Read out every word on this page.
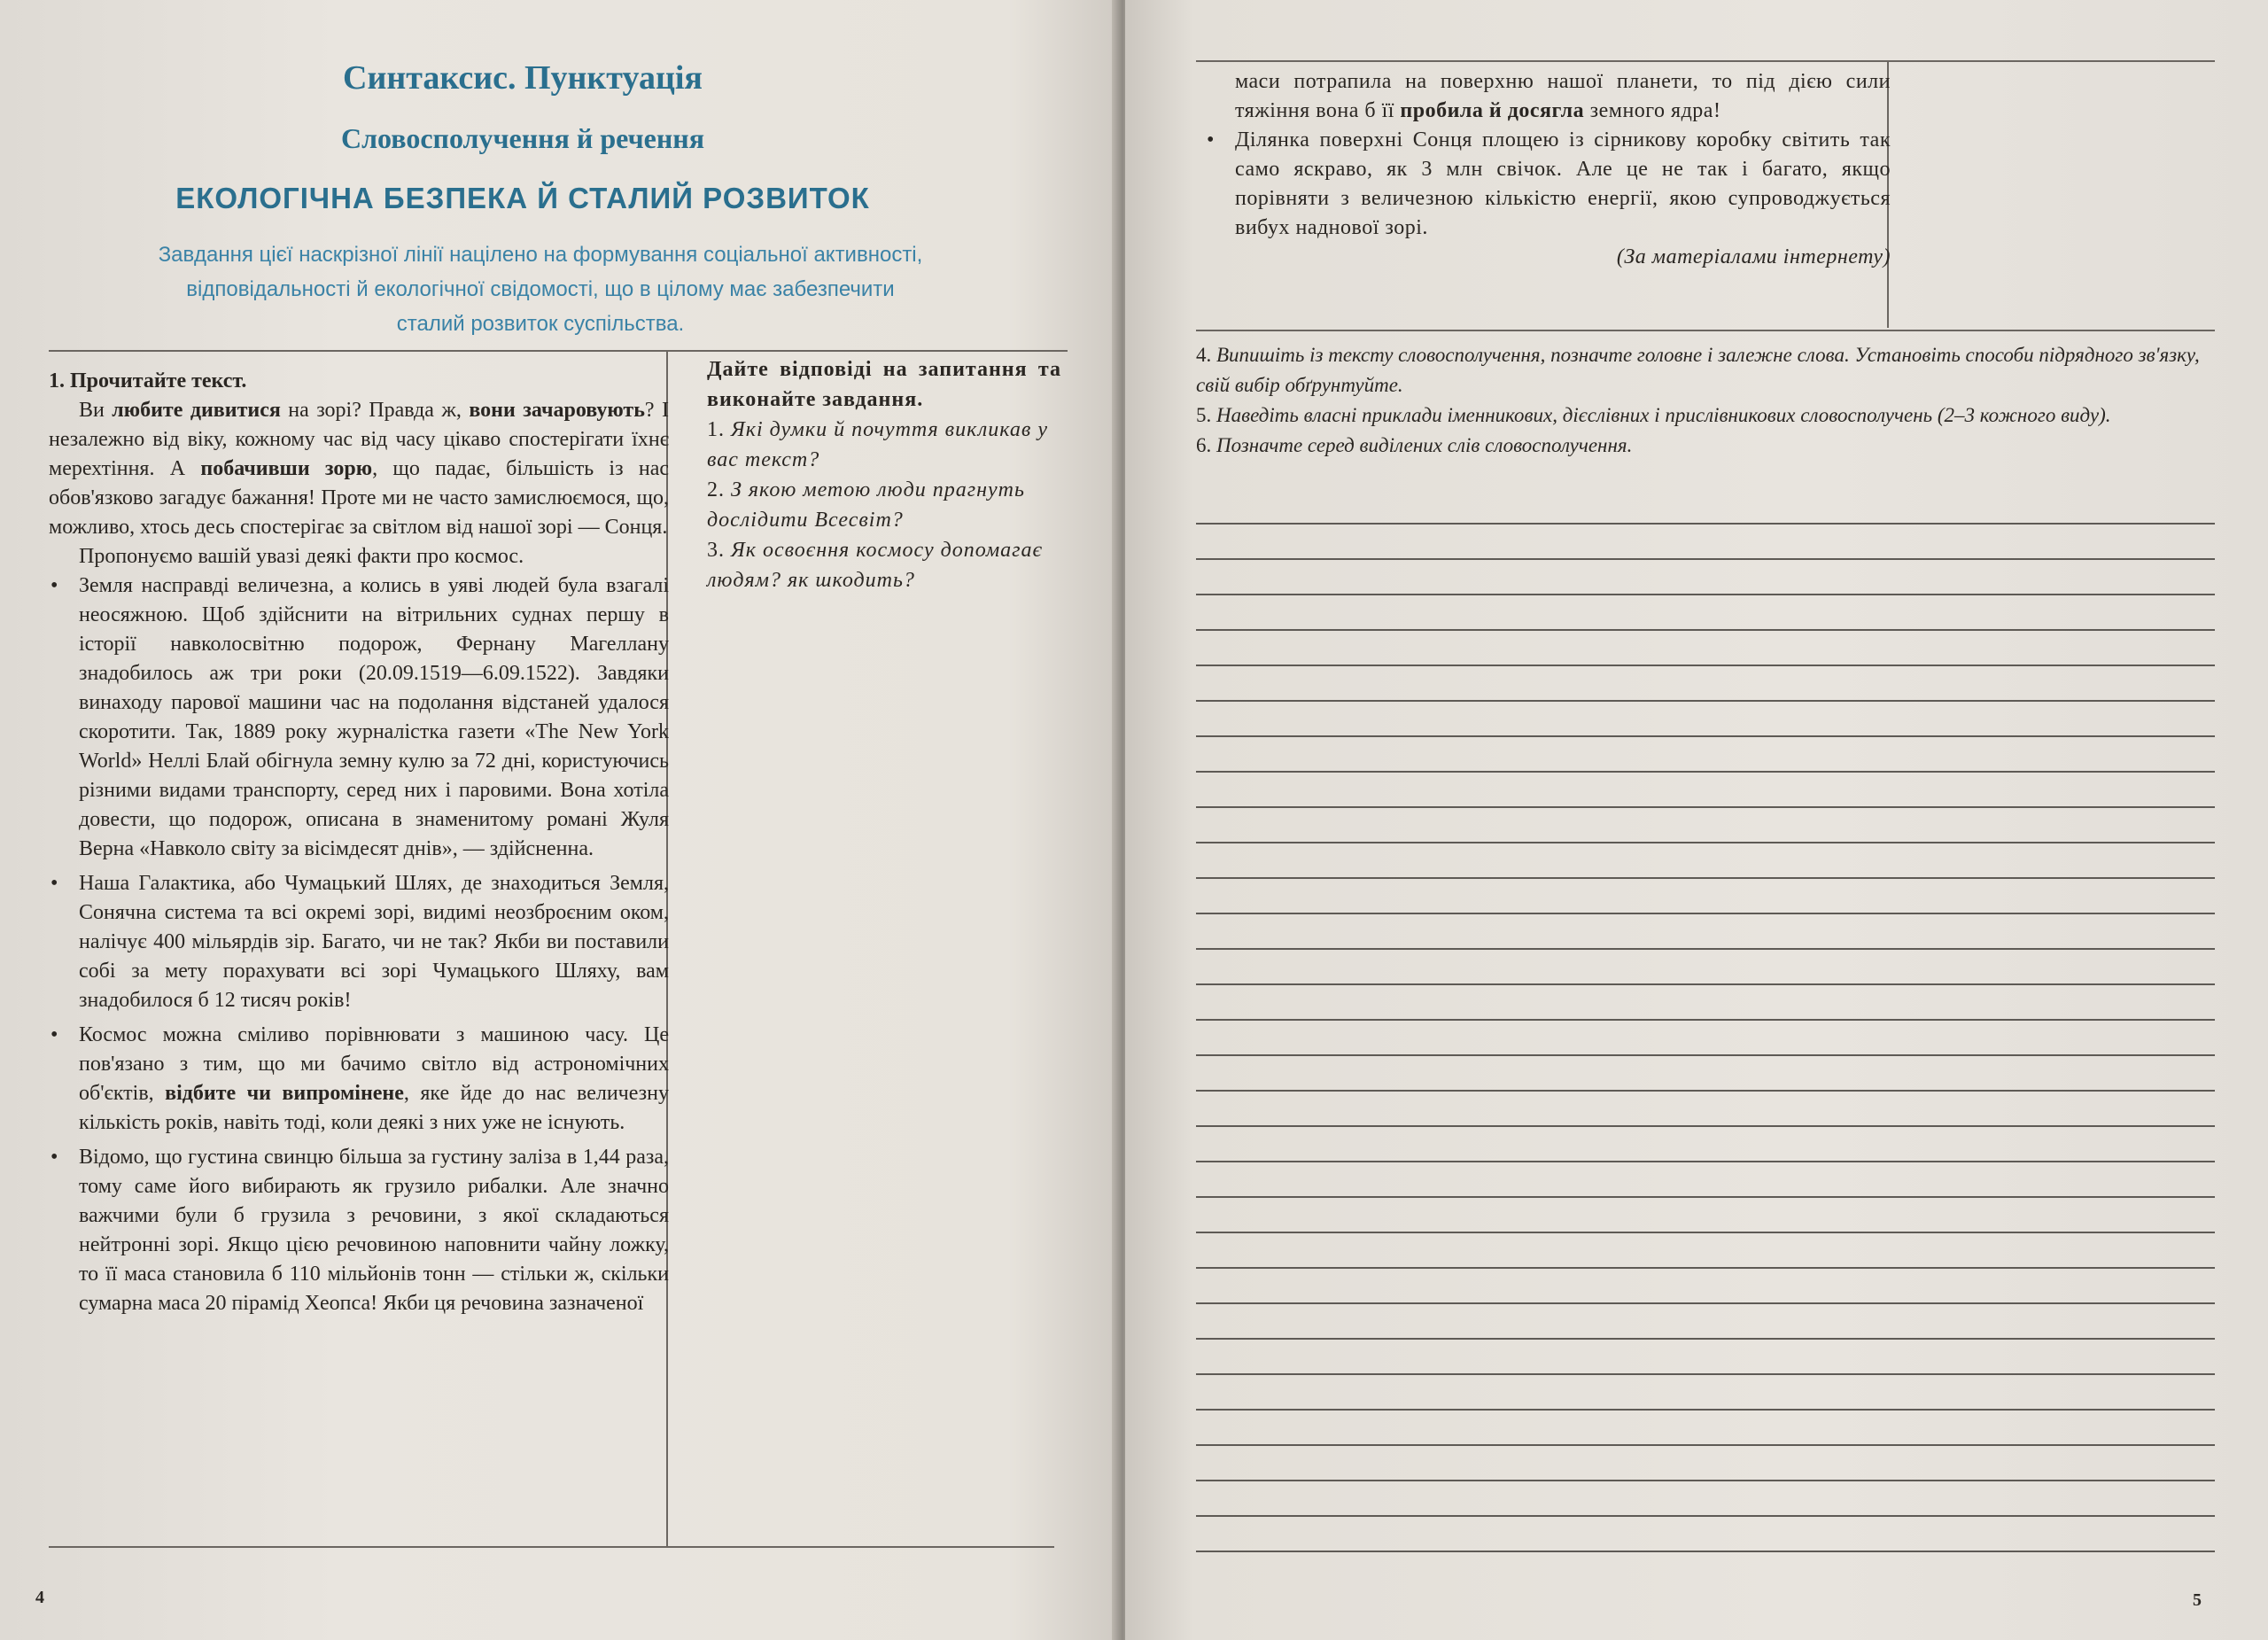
Синтаксис. Пунктуація
Словосполучення й речення
ЕКОЛОГІЧНА БЕЗПЕКА Й СТАЛИЙ РОЗВИТОК
Завдання цієї наскрізної лінії націлено на формування соціальної активності,
відповідальності й екологічної свідомості, що в цілому має забезпечити
сталий розвиток суспільства.

1. Прочитайте текст.

Ви любите дивитися на зорі? Правда ж, вони зачаровують? І незалежно від віку, кожному час від часу цікаво спостерігати їхнє мерехтіння. А побачивши зорю, що падає, більшість із нас обов'язково загадує бажання! Проте ми не часто замислюємося, що, можливо, хтось десь спостерігає за світлом від нашої зорі — Сонця.

Пропонуємо вашій увазі деякі факти про космос.

• Земля насправді величезна, а колись в уяві людей була взагалі неосяжною. Щоб здійснити на вітрильних суднах першу в історії навколосвітню подорож, Фернану Магеллану знадобилось аж три роки (20.09.1519—6.09.1522). Завдяки винаходу парової машини час на подолання відстаней удалося скоротити. Так, 1889 року журналістка газети «The New York World» Неллі Блай обігнула земну кулю за 72 дні, користуючись різними видами транспорту, серед них і паровими. Вона хотіла довести, що подорож, описана в знаменитому романі Жуля Верна «Навколо світу за вісімдесят днів», — здійсненна.
• Наша Галактика, або Чумацький Шлях, де знаходиться Земля, Сонячна система та всі окремі зорі, видимі неозброєним оком, налічує 400 мільярдів зір. Багато, чи не так? Якби ви поставили собі за мету порахувати всі зорі Чумацького Шляху, вам знадобилося б 12 тисяч років!
• Космос можна сміливо порівнювати з машиною часу. Це пов'язано з тим, що ми бачимо світло від астрономічних об'єктів, відбите чи випромінене, яке йде до нас величезну кількість років, навіть тоді, коли деякі з них уже не існують.
• Відомо, що густина свинцю більша за густину заліза в 1,44 раза, тому саме його вибирають як грузило рибалки. Але значно важчими були б грузила з речовини, з якої складаються нейтронні зорі. Якщо цією речовиною наповнити чайну ложку, то її маса становила б 110 мільйонів тонн — стільки ж, скільки сумарна маса 20 пірамід Хеопса! Якби ця речовина зазначеної

Дайте відповіді на запитання та виконайте завдання.

1. Які думки й почуття викликав у вас текст?

2. З якою метою люди прагнуть дослідити Всесвіт?

3. Як освоєння космосу допомагає людям? як шкодить?

4

маси потрапила на поверхню нашої планети, то під дією сили тяжіння вона б її пробила й досягла земного ядра!

• Ділянка поверхні Сонця площею із сірникову коробку світить так само яскраво, як 3 млн свічок. Але це не так і багато, якщо порівняти з величезною кількістю енергії, якою супроводжується вибух наднової зорі.

(За матеріалами інтернету)

4. Випишіть із тексту словосполучення, позначте головне і залежне слова. Установіть способи підрядного зв'язку, свій вибір обґрунтуйте.

5. Наведіть власні приклади іменникових, дієслівних і прислівникових словосполучень (2–3 кожного виду).

6. Позначте серед виділених слів словосполучення.

5
